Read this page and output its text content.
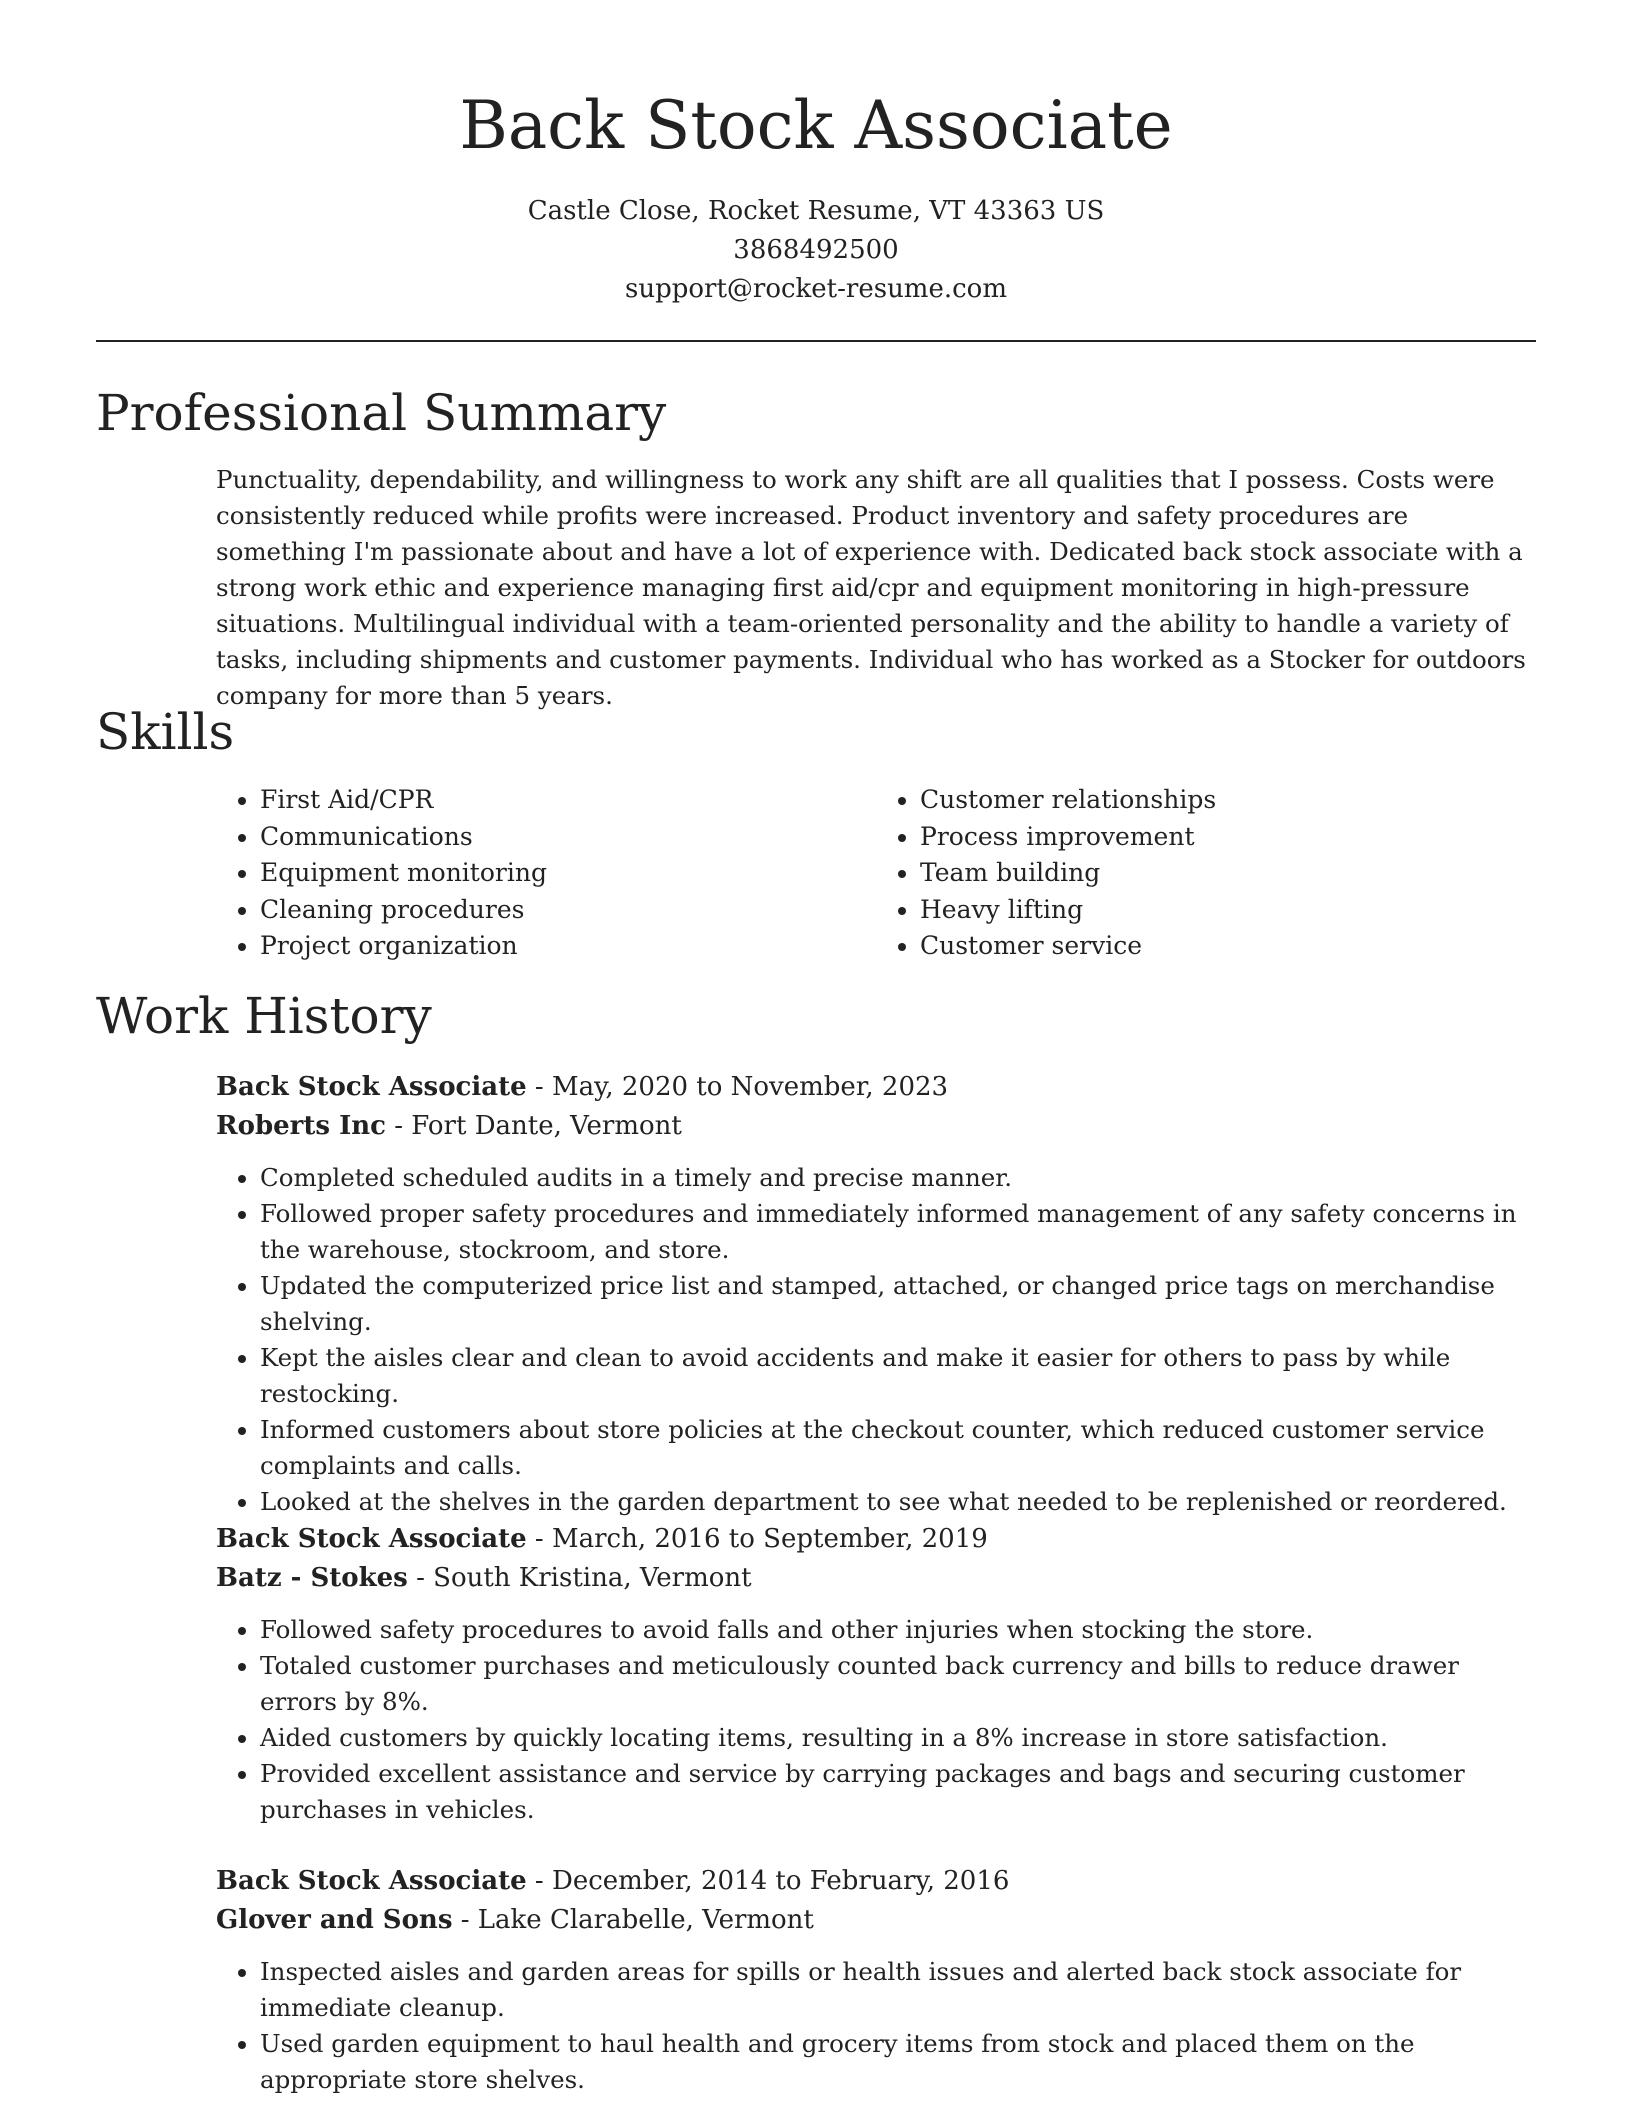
Back Stock Associate
Castle Close, Rocket Resume, VT 43363 US
3868492500
support@rocket-resume.com
Professional Summary

Punctuality, dependability, and willingness to work any shift are all qualities that I possess. Costs were consistently reduced while profits were increased. Product inventory and safety procedures are something I'm passionate about and have a lot of experience with. Dedicated back stock associate with a strong work ethic and experience managing first aid/cpr and equipment monitoring in high-pressure situations. Multilingual individual with a team-oriented personality and the ability to handle a variety of tasks, including shipments and customer payments. Individual who has worked as a Stocker for outdoors company for more than 5 years.

Skills
• First Aid/CPR
• Communications
• Equipment monitoring
• Cleaning procedures
• Project organization
• Customer relationships
• Process improvement
• Team building
• Heavy lifting
• Customer service
Work History
Back Stock Associate - May, 2020 to November, 2023
Roberts Inc - Fort Dante, Vermont
• Completed scheduled audits in a timely and precise manner.
• Followed proper safety procedures and immediately informed management of any safety concerns in the warehouse, stockroom, and store.
• Updated the computerized price list and stamped, attached, or changed price tags on merchandise shelving.
• Kept the aisles clear and clean to avoid accidents and make it easier for others to pass by while restocking.
• Informed customers about store policies at the checkout counter, which reduced customer service complaints and calls.
• Looked at the shelves in the garden department to see what needed to be replenished or reordered.
Back Stock Associate - March, 2016 to September, 2019
Batz - Stokes - South Kristina, Vermont
• Followed safety procedures to avoid falls and other injuries when stocking the store.
• Totaled customer purchases and meticulously counted back currency and bills to reduce drawer errors by 8%.
• Aided customers by quickly locating items, resulting in a 8% increase in store satisfaction.
• Provided excellent assistance and service by carrying packages and bags and securing customer purchases in vehicles.
Back Stock Associate - December, 2014 to February, 2016
Glover and Sons - Lake Clarabelle, Vermont
• Inspected aisles and garden areas for spills or health issues and alerted back stock associate for immediate cleanup.
• Used garden equipment to haul health and grocery items from stock and placed them on the appropriate store shelves.
